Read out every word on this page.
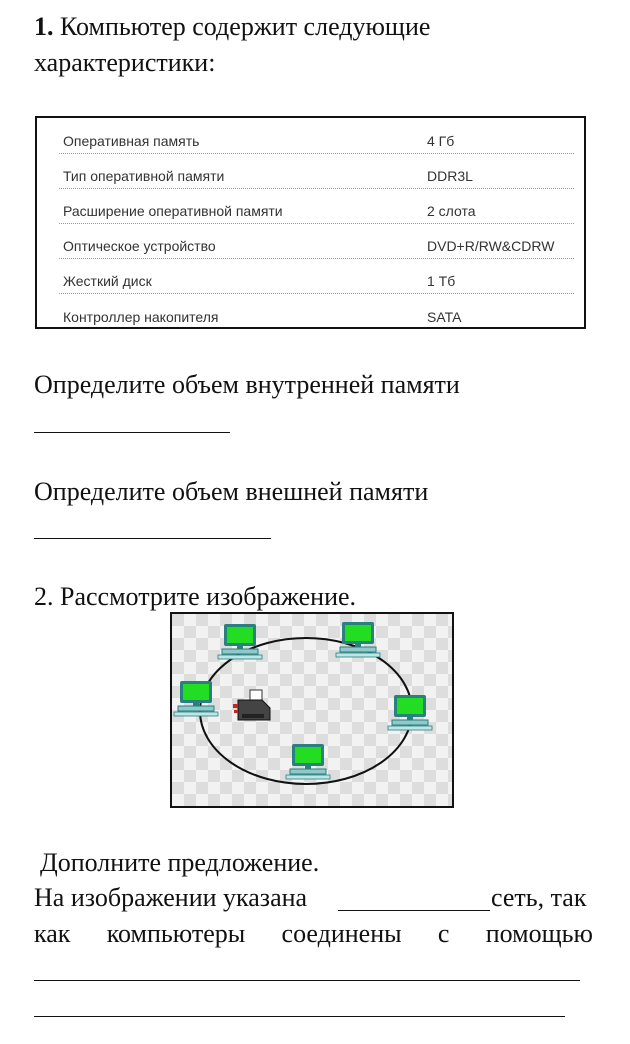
1. Компьютер содержит следующие
характеристики:
Оперативная память	4 Гб
Тип оперативной памяти	DDR3L
Расширение оперативной памяти	2 слота
Оптическое устройство	DVD+R/RW&CDRW
Жесткий диск	1 Тб
Контроллер накопителя	SATA
Определите объем внутренней памяти
Определите объем внешней памяти
2. Рассмотрите изображение.
Дополните предложение.
На изображении указана	сеть, так
как компьютеры соединены с помощью
